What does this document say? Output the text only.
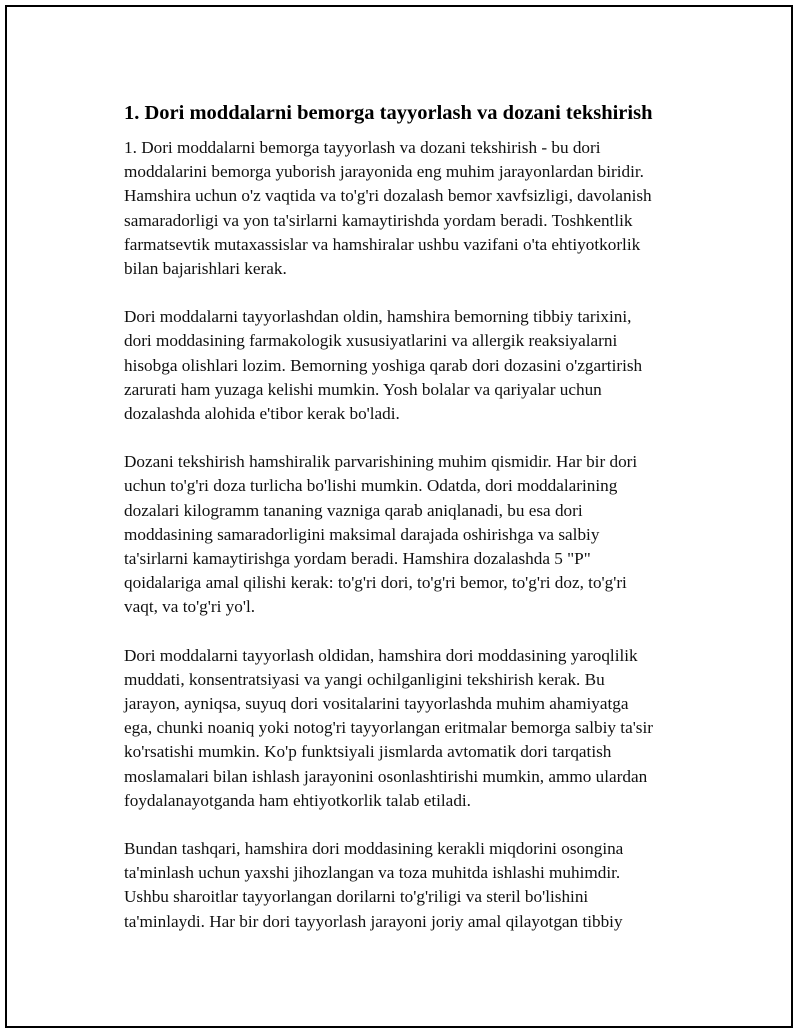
1. Dori moddalarni bemorga tayyorlash va dozani tekshirish

1. Dori moddalarni bemorga tayyorlash va dozani tekshirish - bu dori
moddalarini bemorga yuborish jarayonida eng muhim jarayonlardan biridir.
Hamshira uchun o'z vaqtida va to'g'ri dozalash bemor xavfsizligi, davolanish
samaradorligi va yon ta'sirlarni kamaytirishda yordam beradi. Toshkentlik
farmatsevtik mutaxassislar va hamshiralar ushbu vazifani o'ta ehtiyotkorlik
bilan bajarishlari kerak.

Dori moddalarni tayyorlashdan oldin, hamshira bemorning tibbiy tarixini,
dori moddasining farmakologik xususiyatlarini va allergik reaksiyalarni
hisobga olishlari lozim. Bemorning yoshiga qarab dori dozasini o'zgartirish
zarurati ham yuzaga kelishi mumkin. Yosh bolalar va qariyalar uchun
dozalashda alohida e'tibor kerak bo'ladi.

Dozani tekshirish hamshiralik parvarishining muhim qismidir. Har bir dori
uchun to'g'ri doza turlicha bo'lishi mumkin. Odatda, dori moddalarining
dozalari kilogramm tananing vazniga qarab aniqlanadi, bu esa dori
moddasining samaradorligini maksimal darajada oshirishga va salbiy
ta'sirlarni kamaytirishga yordam beradi. Hamshira dozalashda 5 "P"
qoidalariga amal qilishi kerak: to'g'ri dori, to'g'ri bemor, to'g'ri doz, to'g'ri
vaqt, va to'g'ri yo'l.

Dori moddalarni tayyorlash oldidan, hamshira dori moddasining yaroqlilik
muddati, konsentratsiyasi va yangi ochilganligini tekshirish kerak. Bu
jarayon, ayniqsa, suyuq dori vositalarini tayyorlashda muhim ahamiyatga
ega, chunki noaniq yoki notog'ri tayyorlangan eritmalar bemorga salbiy ta'sir
ko'rsatishi mumkin. Ko'p funktsiyali jismlarda avtomatik dori tarqatish
moslamalari bilan ishlash jarayonini osonlashtirishi mumkin, ammo ulardan
foydalanayotganda ham ehtiyotkorlik talab etiladi.

Bundan tashqari, hamshira dori moddasining kerakli miqdorini osongina
ta'minlash uchun yaxshi jihozlangan va toza muhitda ishlashi muhimdir.
Ushbu sharoitlar tayyorlangan dorilarni to'g'riligi va steril bo'lishini
ta'minlaydi. Har bir dori tayyorlash jarayoni joriy amal qilayotgan tibbiy
